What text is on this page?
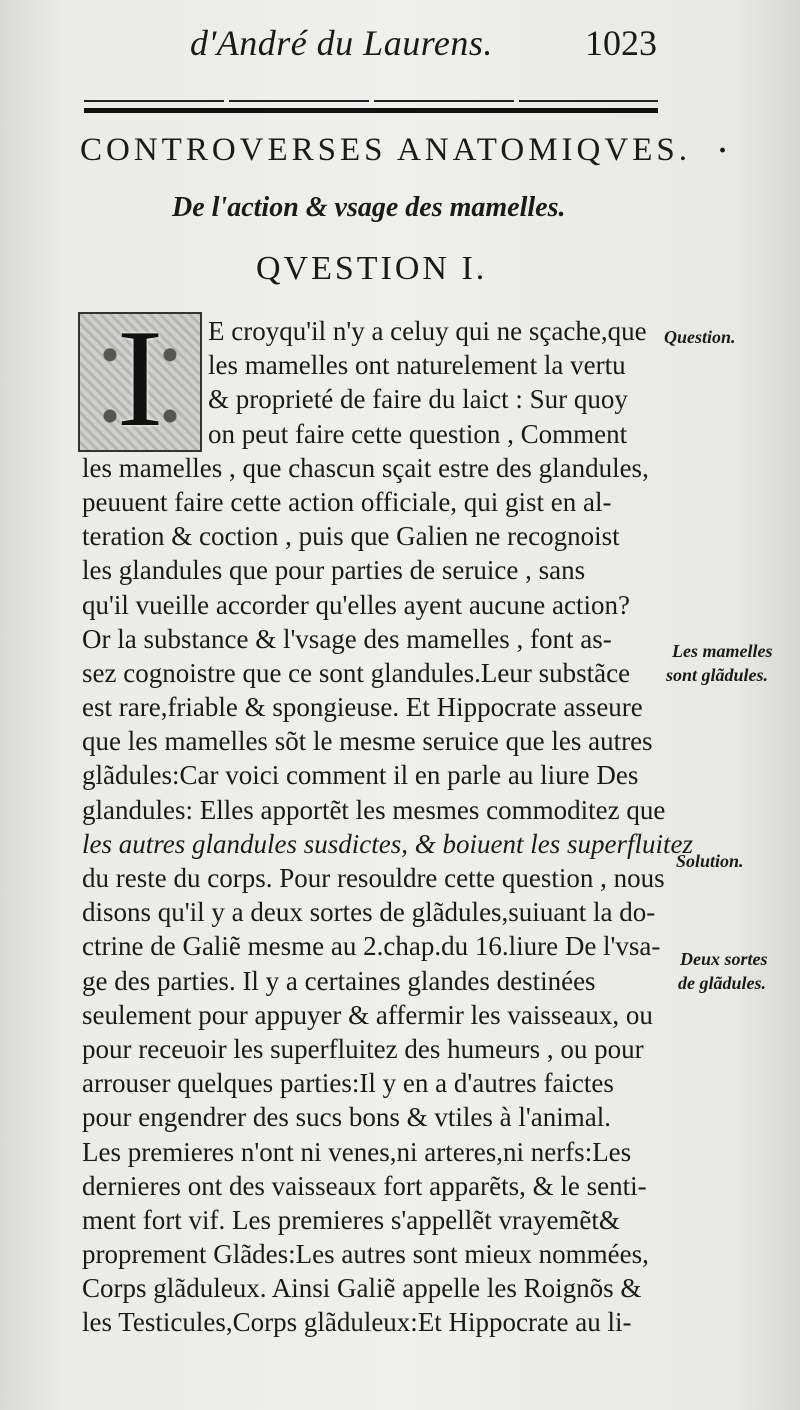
d'André du Laurens.	1023
CONTROVERSES ANATOMIQVES. ·
De l'action & vsage des mamelles.
QVESTION I.
I	E croyqu'il n'y a celuy qui ne sçache,que
les mamelles ont naturelement la vertu
& proprieté de faire du laict : Sur quoy
on peut faire cette question , Comment
les mamelles , que chascun sçait estre des glandules,
peuuent faire cette action officiale, qui gist en al-
teration & coction , puis que Galien ne recognoist
les glandules que pour parties de seruice , sans
qu'il vueille accorder qu'elles ayent aucune action?
Or la substance & l'vsage des mamelles , font as-
sez cognoistre que ce sont glandules.Leur substãce
est rare,friable & spongieuse. Et Hippocrate asseure
que les mamelles sõt le mesme seruice que les autres
glãdules:Car voici comment il en parle au liure Des
glandules: Elles apportẽt les mesmes commoditez que
les autres glandules susdictes, & boiuent les superfluitez
du reste du corps. Pour resouldre cette question , nous
disons qu'il y a deux sortes de glãdules,suiuant la do-
ctrine de Galiẽ mesme au 2.chap.du 16.liure De l'vsa-
ge des parties. Il y a certaines glandes destinées
seulement pour appuyer & affermir les vaisseaux, ou
pour receuoir les superfluitez des humeurs , ou pour
arrouser quelques parties:Il y en a d'autres faictes
pour engendrer des sucs bons & vtiles à l'animal.
Les premieres n'ont ni venes,ni arteres,ni nerfs:Les
dernieres ont des vaisseaux fort apparẽts, & le senti-
ment fort vif. Les premieres s'appellẽt vrayemẽt&
proprement Glãdes:Les autres sont mieux nommées,
Corps glãduleux. Ainsi Galiẽ appelle les Roignõs &
les Testicules,Corps glãduleux:Et Hippocrate au li-
Question.
Les mamelles
sont glãdules.
Solution.
Deux sortes
de glãdules.
